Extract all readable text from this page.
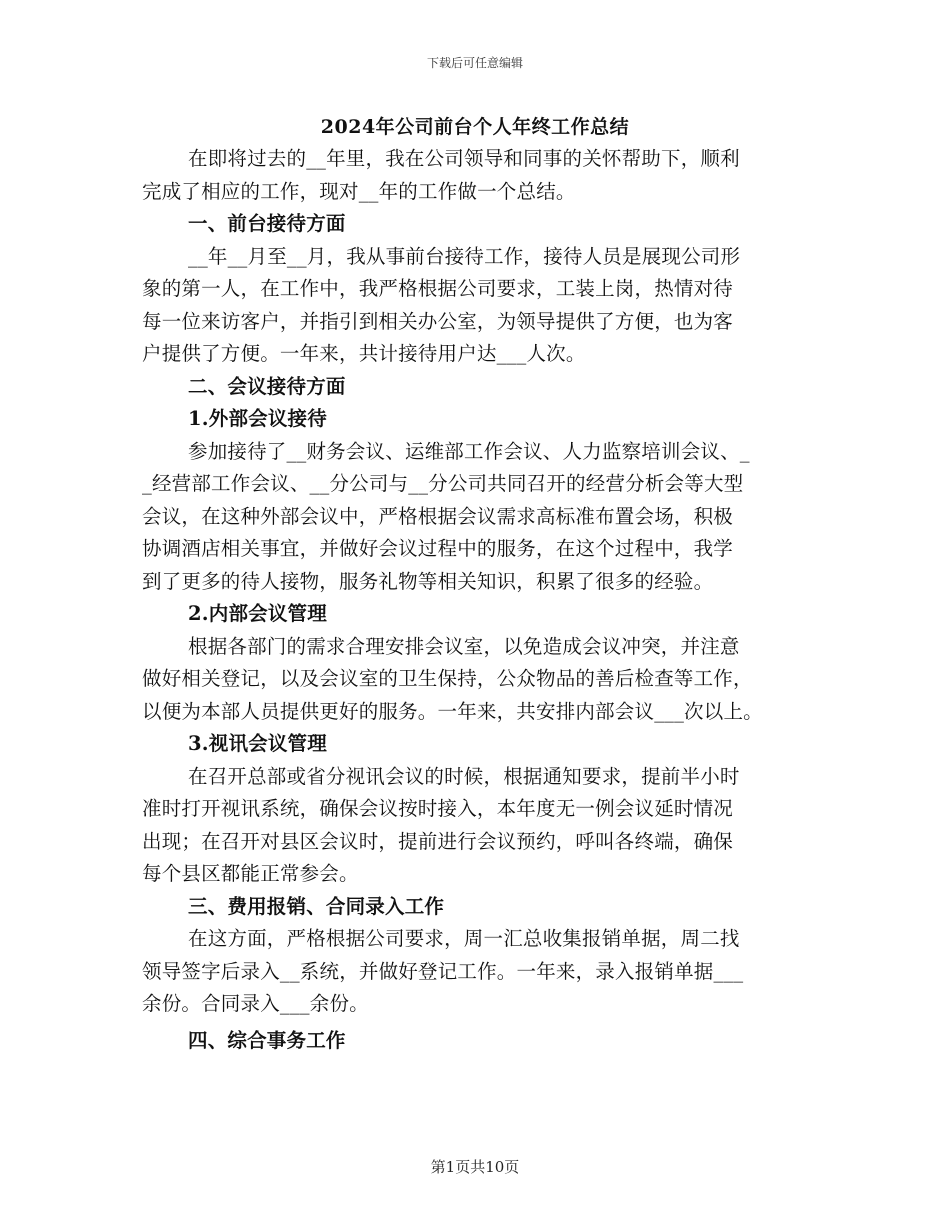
下载后可任意编辑
2024年公司前台个人年终工作总结
在即将过去的__年里，我在公司领导和同事的关怀帮助下，顺利
完成了相应的工作，现对__年的工作做一个总结。
一、前台接待方面
__年__月至__月，我从事前台接待工作，接待人员是展现公司形
象的第一人，在工作中，我严格根据公司要求，工装上岗，热情对待
每一位来访客户，并指引到相关办公室，为领导提供了方便，也为客
户提供了方便。一年来，共计接待用户达___人次。
二、会议接待方面
1.外部会议接待
参加接待了__财务会议、运维部工作会议、人力监察培训会议、_
_经营部工作会议、__分公司与__分公司共同召开的经营分析会等大型
会议，在这种外部会议中，严格根据会议需求高标准布置会场，积极
协调酒店相关事宜，并做好会议过程中的服务，在这个过程中，我学
到了更多的待人接物，服务礼物等相关知识，积累了很多的经验。
2.内部会议管理
根据各部门的需求合理安排会议室，以免造成会议冲突，并注意
做好相关登记，以及会议室的卫生保持，公众物品的善后检查等工作，
以便为本部人员提供更好的服务。一年来，共安排内部会议___次以上。
3.视讯会议管理
在召开总部或省分视讯会议的时候，根据通知要求，提前半小时
准时打开视讯系统，确保会议按时接入，本年度无一例会议延时情况
出现；在召开对县区会议时，提前进行会议预约，呼叫各终端，确保
每个县区都能正常参会。
三、费用报销、合同录入工作
在这方面，严格根据公司要求，周一汇总收集报销单据，周二找
领导签字后录入__系统，并做好登记工作。一年来，录入报销单据___
余份。合同录入___余份。
四、综合事务工作
第1页共10页
